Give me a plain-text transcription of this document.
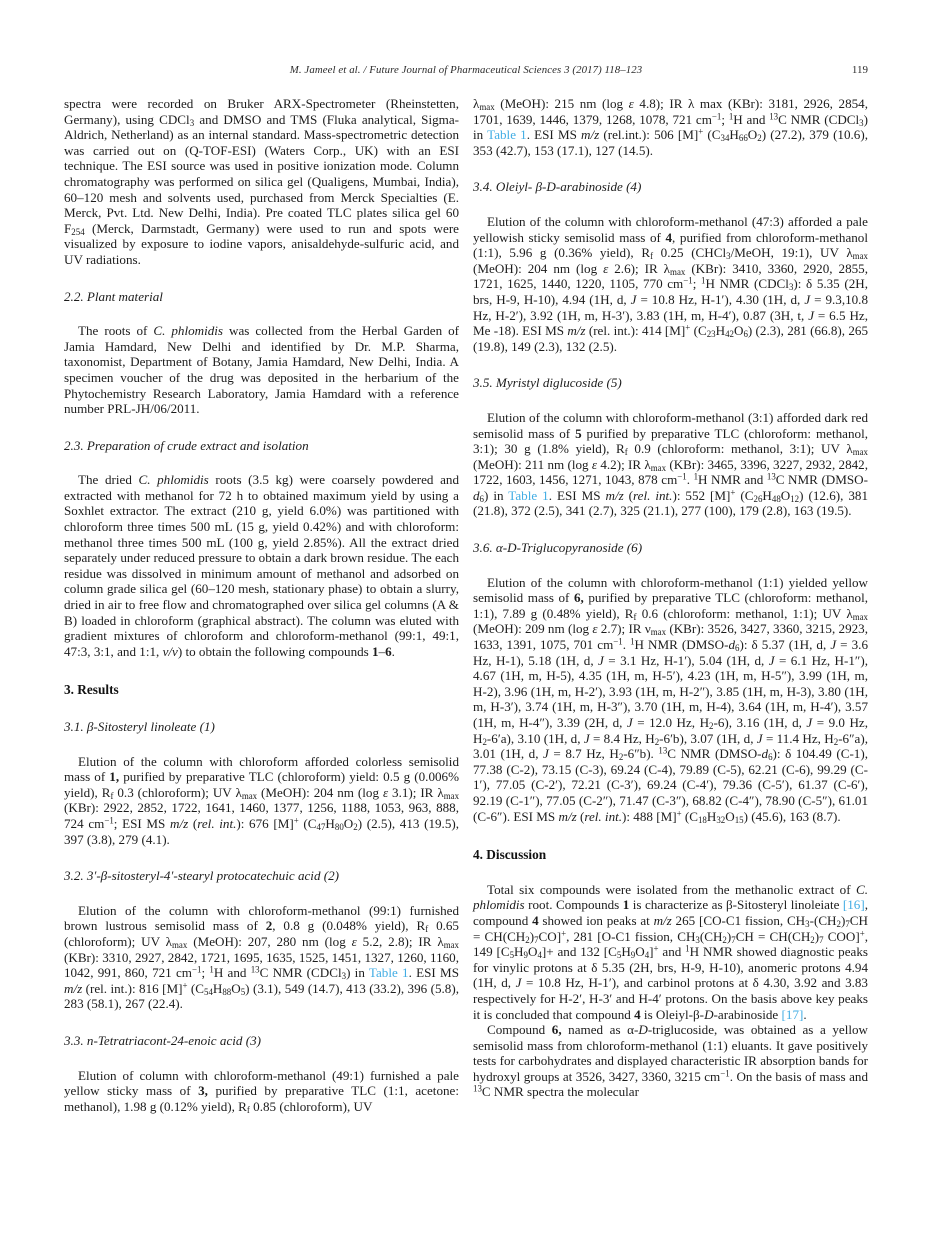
M. Jameel et al. / Future Journal of Pharmaceutical Sciences 3 (2017) 118–123	119

spectra were recorded on Bruker ARX-Spectrometer (Rheinstetten, Germany), using CDCl$_3$ and DMSO and TMS (Fluka analytical, Sigma-Aldrich, Netherland) as an internal standard. Mass-spectrometric detection was carried out on (Q-TOF-ESI) (Waters Corp., UK) with an ESI technique. The ESI source was used in positive ionization mode. Column chromatography was performed on silica gel (Qualigens, Mumbai, India), 60–120 mesh and solvents used, purchased from Merck Specialties (E. Merck, Pvt. Ltd. New Delhi, India). Pre coated TLC plates silica gel 60 $F_{254}$ (Merck, Darmstadt, Germany) were used to run and spots were visualized by exposure to iodine vapors, anisaldehyde-sulfuric acid, and UV radiations.

2.2. Plant material

The roots of C. phlomidis was collected from the Herbal Garden of Jamia Hamdard, New Delhi and identified by Dr. M.P. Sharma, taxonomist, Department of Botany, Jamia Hamdard, New Delhi, India. A specimen voucher of the drug was deposited in the herbarium of the Phytochemistry Research Laboratory, Jamia Hamdard with a reference number PRL-JH/06/2011.

2.3. Preparation of crude extract and isolation

The dried C. phlomidis roots (3.5 kg) were coarsely powdered and extracted with methanol for 72 h to obtained maximum yield by using a Soxhlet extractor. The extract (210 g, yield 6.0%) was partitioned with chloroform three times 500 mL (15 g, yield 0.42%) and with chloroform: methanol three times 500 mL (100 g, yield 2.85%). All the extract dried separately under reduced pressure to obtain a dark brown residue. The each residue was dissolved in minimum amount of methanol and adsorbed on column grade silica gel (60–120 mesh, stationary phase) to obtain a slurry, dried in air to free flow and chromatographed over silica gel columns (A & B) loaded in chloroform (graphical abstract). The column was eluted with gradient mixtures of chloroform and chloroform-methanol (99:1, 49:1, 47:3, 3:1, and 1:1, v/v) to obtain the following compounds 1–6.

3. Results
3.1. β-Sitosteryl linoleate (1)

Elution of the column with chloroform afforded colorless semisolid mass of 1, purified by preparative TLC (chloroform) yield: 0.5 g (0.006% yield), $R_f$ 0.3 (chloroform); UV $\lambda_{max}$ (MeOH): 204 nm (log ε 3.1); IR $\lambda_{max}$ (KBr): 2922, 2852, 1722, 1641, 1460, 1377, 1256, 1188, 1053, 963, 888, 724 $cm^{-1}$; ESI MS m/z (rel. int.): 676 [M]+ $(C_{47}H_{80}O_2)$ (2.5), 413 (19.5), 397 (3.8), 279 (4.1).

3.2. 3′-β-sitosteryl-4′-stearyl protocatechuic acid (2)

Elution of the column with chloroform-methanol (99:1) furnished brown lustrous semisolid mass of 2, 0.8 g (0.048% yield), $R_f$ 0.65 (chloroform); UV $\lambda_{max}$ (MeOH): 207, 280 nm (log ε 5.2, 2.8); IR $\lambda_{max}$ (KBr): 3310, 2927, 2842, 1721, 1695, 1635, 1525, 1451, 1327, 1260, 1160, 1042, 991, 860, 721 $cm^{-1}$; $^1$H and $^{13}$C NMR (CDCl$_3$) in Table 1. ESI MS m/z (rel. int.): 816 [M]+ $(C_{54}H_{88}O_5)$ (3.1), 549 (14.7), 413 (33.2), 396 (5.8), 283 (58.1), 267 (22.4).

3.3. n-Tetratriacont-24-enoic acid (3)

Elution of column with chloroform-methanol (49:1) furnished a pale yellow sticky mass of 3, purified by preparative TLC (1:1, acetone: methanol), 1.98 g (0.12% yield), $R_f$ 0.85 (chloroform), UV

$\lambda_{max}$ (MeOH): 215 nm (log ε 4.8); IR λ max (KBr): 3181, 2926, 2854, 1701, 1639, 1446, 1379, 1268, 1078, 721 $cm^{-1}$; $^1$H and $^{13}$C NMR (CDCl$_3$) in Table 1. ESI MS m/z (rel.int.): 506 [M]+ $(C_{34}H_{66}O_2)$ (27.2), 379 (10.6), 353 (42.7), 153 (17.1), 127 (14.5).

3.4. Oleiyl- β-D-arabinoside (4)

Elution of the column with chloroform-methanol (47:3) afforded a pale yellowish sticky semisolid mass of 4, purified from chloroform-methanol (1:1), 5.96 g (0.36% yield), $R_f$ 0.25 (CHCl$_3$/MeOH, 19:1), UV $\lambda_{max}$ (MeOH): 204 nm (log ε 2.6); IR $\lambda_{max}$ (KBr): 3410, 3360, 2920, 2855, 1721, 1625, 1440, 1220, 1105, 770 $cm^{-1}$; $^1$H NMR (CDCl$_3$): δ 5.35 (2H, brs, H-9, H-10), 4.94 (1H, d, J = 10.8 Hz, H-1′), 4.30 (1H, d, J = 9.3,10.8 Hz, H-2′), 3.92 (1H, m, H-3′), 3.83 (1H, m, H-4′), 0.87 (3H, t, J = 6.5 Hz, Me -18). ESI MS m/z (rel. int.): 414 [M]+ $(C_{23}H_{42}O_6)$ (2.3), 281 (66.8), 265 (19.8), 149 (2.3), 132 (2.5).

3.5. Myristyl diglucoside (5)

Elution of the column with chloroform-methanol (3:1) afforded dark red semisolid mass of 5 purified by preparative TLC (chloroform: methanol, 3:1); 30 g (1.8% yield), $R_f$ 0.9 (chloroform: methanol, 3:1); UV $\lambda_{max}$ (MeOH): 211 nm (log ε 4.2); IR $\lambda_{max}$ (KBr): 3465, 3396, 3227, 2932, 2842, 1722, 1603, 1456, 1271, 1043, 878 $cm^{-1}$. $^1$H NMR and $^{13}$C NMR $(DMSO-d_6)$ in Table 1. ESI MS m/z (rel. int.): 552 [M]+ $(C_{26}H_{48}O_{12})$ (12.6), 381 (21.8), 372 (2.5), 341 (2.7), 325 (21.1), 277 (100), 179 (2.8), 163 (19.5).

3.6. α-D-Triglucopyranoside (6)

Elution of the column with chloroform-methanol (1:1) yielded yellow semisolid mass of 6, purified by preparative TLC (chloroform: methanol, 1:1), 7.89 g (0.48% yield), $R_f$ 0.6 (chloroform: methanol, 1:1); UV $\lambda_{max}$ (MeOH): 209 nm (log ε 2.7); IR $\nu_{max}$ (KBr): 3526, 3427, 3360, 3215, 2923, 1633, 1391, 1075, 701 $cm^{-1}$. $^1$H NMR $(DMSO-d_6)$: δ 5.37 (1H, d, J = 3.6 Hz, H-1), 5.18 (1H, d, J = 3.1 Hz, H-1′), 5.04 (1H, d, J = 6.1 Hz, H-1″), 4.67 (1H, m, H-5), 4.35 (1H, m, H-5′), 4.23 (1H, m, H-5″), 3.99 (1H, m, H-2), 3.96 (1H, m, H-2′), 3.93 (1H, m, H-2″), 3.85 (1H, m, H-3), 3.80 (1H, m, H-3′), 3.74 (1H, m, H-3″), 3.70 (1H, m, H-4), 3.64 (1H, m, H-4′), 3.57 (1H, m, H-4″), 3.39 (2H, d, J = 12.0 Hz, $H_2-6$), 3.16 (1H, d, J = 9.0 Hz, $H_2-6'a$), 3.10 (1H, d, J = 8.4 Hz, $H_2-6'b$), 3.07 (1H, d, J = 11.4 Hz, $H_2-6''a$), 3.01 (1H, d, J = 8.7 Hz, $H_2-6''b$). $^{13}$C NMR $(DMSO-d_6)$: δ 104.49 (C-1), 77.38 (C-2), 73.15 (C-3), 69.24 (C-4), 79.89 (C-5), 62.21 (C-6), 99.29 (C-1′), 77.05 (C-2′), 72.21 (C-3′), 69.24 (C-4′), 79.36 (C-5′), 61.37 (C-6′), 92.19 (C-1″), 77.05 (C-2″), 71.47 (C-3″), 68.82 (C-4″), 78.90 (C-5″), 61.01 (C-6″). ESI MS m/z (rel. int.): 488 [M]+ $(C_{18}H_{32}O_{15})$ (45.6), 163 (8.7).

4. Discussion

Total six compounds were isolated from the methanolic extract of C. phlomidis root. Compounds 1 is characterize as β-Sitosteryl linoleiate [16], compound 4 showed ion peaks at m/z 265 [CO-C1 fission, $CH_3-(CH_2)_7CH = CH(CH_2)_7CO]^+$, 281 [O-C1 fission, $CH_3(CH_2)_7CH = CH(CH_2)_7$ COO]+, 149 $[C_5H_9O_4]+$ and 132 $[C_5H_9O_4]^+$ and $^1$H NMR showed diagnostic peaks for vinylic protons at δ 5.35 (2H, brs, H-9, H-10), anomeric protons 4.94 (1H, d, J = 10.8 Hz, H-1′), and carbinol protons at δ 4.30, 3.92 and 3.83 respectively for H-2′, H-3′ and H-4′ protons. On the basis above key peaks it is concluded that compound 4 is Oleiyl-β-D-arabinoside [17].

Compound 6, named as α-D-triglucoside, was obtained as a yellow semisolid mass from chloroform-methanol (1:1) eluants. It gave positively tests for carbohydrates and displayed characteristic IR absorption bands for hydroxyl groups at 3526, 3427, 3360, 3215 $cm^{-1}$. On the basis of mass and $^{13}$C NMR spectra the molecular
